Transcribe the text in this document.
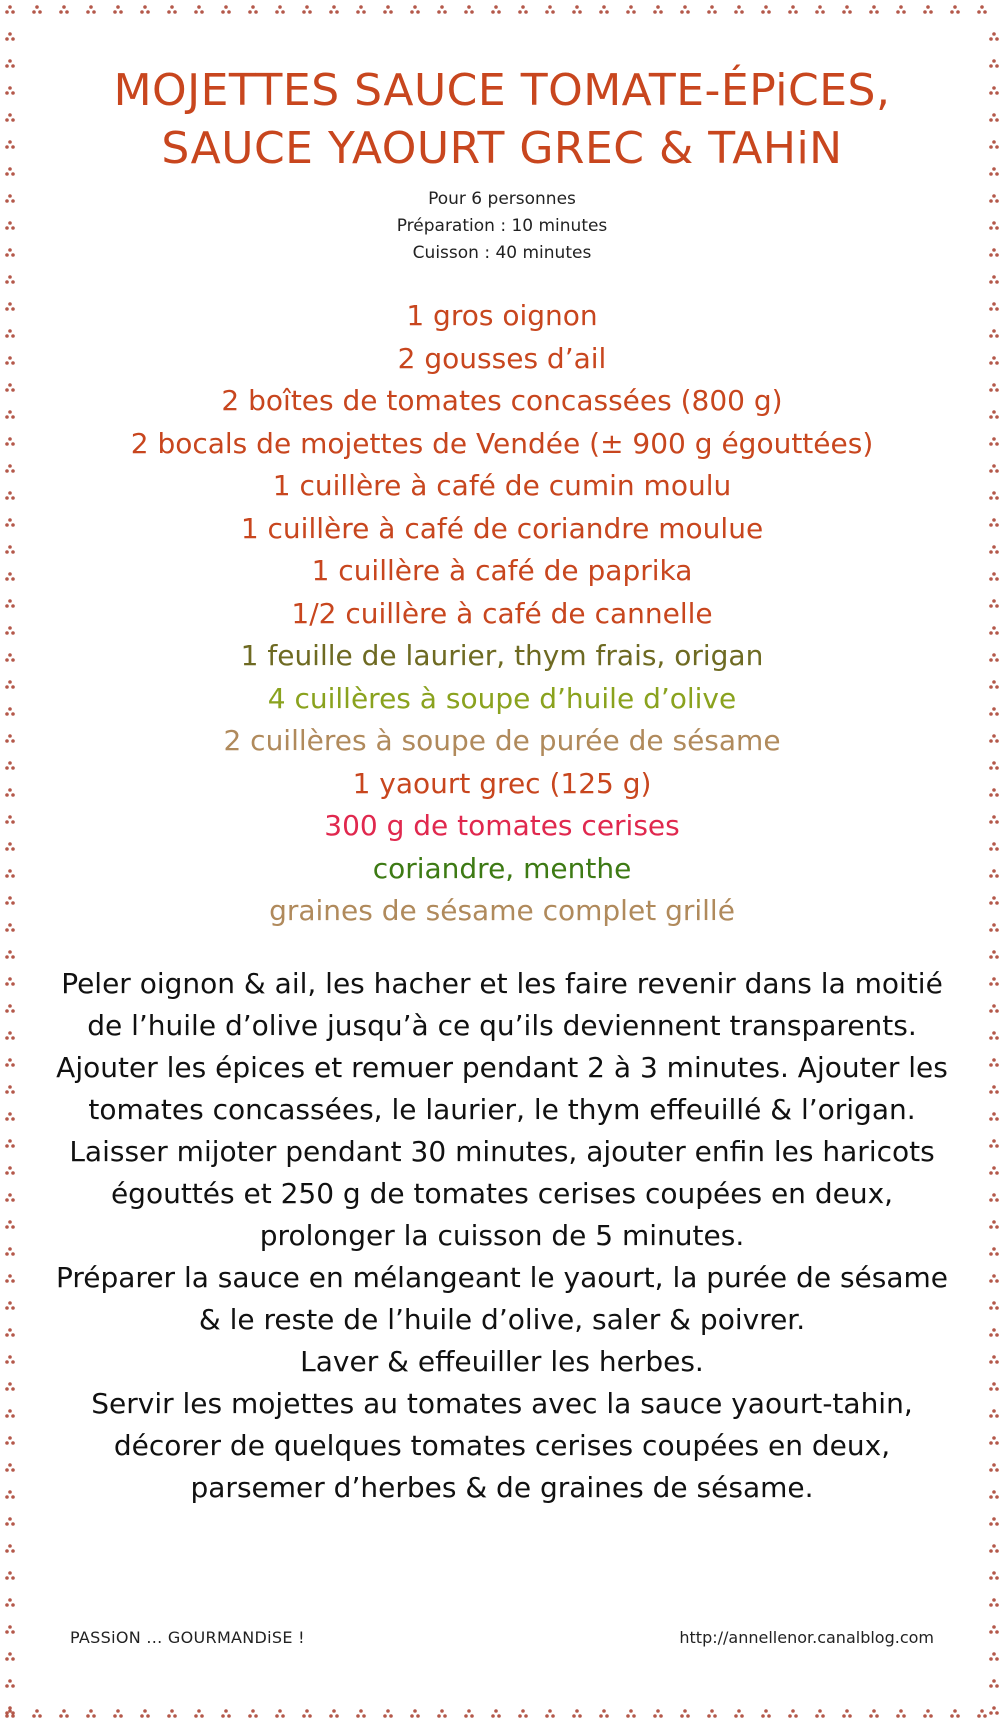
MOJETTES SAUCE TOMATE-ÉPiCES,
SAUCE YAOURT GREC & TAHiN
Pour 6 personnes
Préparation : 10 minutes
Cuisson : 40 minutes
1 gros oignon
2 gousses d’ail
2 boîtes de tomates concassées (800 g)
2 bocals de mojettes de Vendée (± 900 g égouttées)
1 cuillère à café de cumin moulu
1 cuillère à café de coriandre moulue
1 cuillère à café de paprika
1/2 cuillère à café de cannelle
1 feuille de laurier, thym frais, origan
4 cuillères à soupe d’huile d’olive
2 cuillères à soupe de purée de sésame
1 yaourt grec (125 g)
300 g de tomates cerises
coriandre, menthe
graines de sésame complet grillé

Peler oignon & ail, les hacher et les faire revenir dans la moitié de l’huile d’olive jusqu’à ce qu’ils deviennent transparents. Ajouter les épices et remuer pendant 2 à 3 minutes. Ajouter les tomates concassées, le laurier, le thym effeuillé & l’origan.

Laisser mijoter pendant 30 minutes, ajouter enfin les haricots égouttés et 250 g de tomates cerises coupées en deux, prolonger la cuisson de 5 minutes.

Préparer la sauce en mélangeant le yaourt, la purée de sésame & le reste de l’huile d’olive, saler & poivrer.

Laver & effeuiller les herbes.

Servir les mojettes au tomates avec la sauce yaourt-tahin, décorer de quelques tomates cerises coupées en deux, parsemer d’herbes & de graines de sésame.

PASSiON ... GOURMANDiSE !	http://annellenor.canalblog.com
